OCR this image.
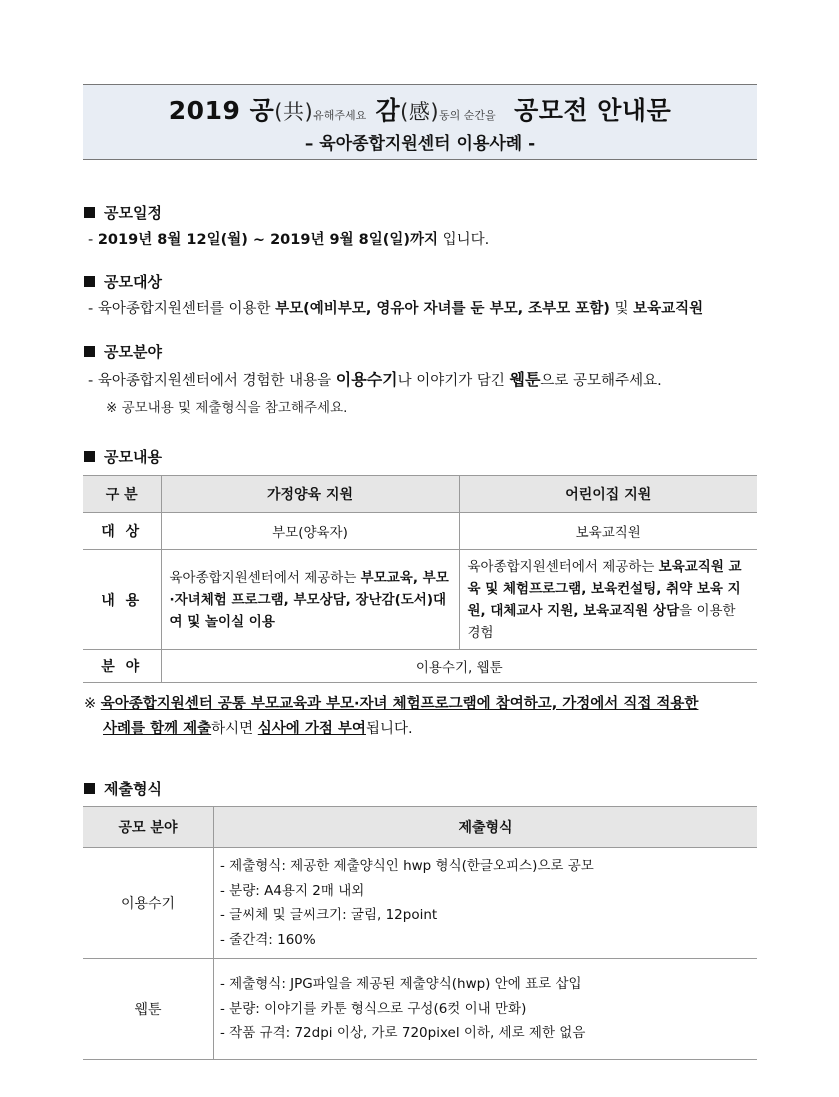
2019 공(共)유해주세요 감(感)동의 순간을 공모전 안내문
– 육아종합지원센터 이용사례 -
공모일정
- 2019년 8월 12일(월) ~ 2019년 9월 8일(일)까지 입니다.
공모대상
- 육아종합지원센터를 이용한 부모(예비부모, 영유아 자녀를 둔 부모, 조부모 포함) 및 보육교직원
공모분야
- 육아종합지원센터에서 경험한 내용을 이용수기나 이야기가 담긴 웹툰으로 공모해주세요.
※ 공모내용 및 제출형식을 참고해주세요.
공모내용
구 분	가정양육 지원	어린이집 지원
대 상	부모(양육자)	보육교직원
내 용	육아종합지원센터에서 제공하는 부모교육, 부모·자녀체험 프로그램, 부모상담, 장난감(도서)대여 및 놀이실 이용	육아종합지원센터에서 제공하는 보육교직원 교육 및 체험프로그램, 보육컨설팅, 취약 보육 지원, 대체교사 지원, 보육교직원 상담을 이용한 경험
분 야	이용수기, 웹툰	
※ 육아종합지원센터 공통 부모교육과 부모·자녀 체험프로그램에 참여하고, 가정에서 직접 적용한
사례를 함께 제출하시면 심사에 가점 부여됩니다.
제출형식
공모 분야	제출형식
이용수기	- 제출형식: 제공한 제출양식인 hwp 형식(한글오피스)으로 공모
- 분량: A4용지 2매 내외
- 글씨체 및 글씨크기: 굴림, 12point
- 줄간격: 160%

웹툰	- 제출형식: JPG파일을 제공된 제출양식(hwp) 안에 표로 삽입
- 분량: 이야기를 카툰 형식으로 구성(6컷 이내 만화)
- 작품 규격: 72dpi 이상, 가로 720pixel 이하, 세로 제한 없음
